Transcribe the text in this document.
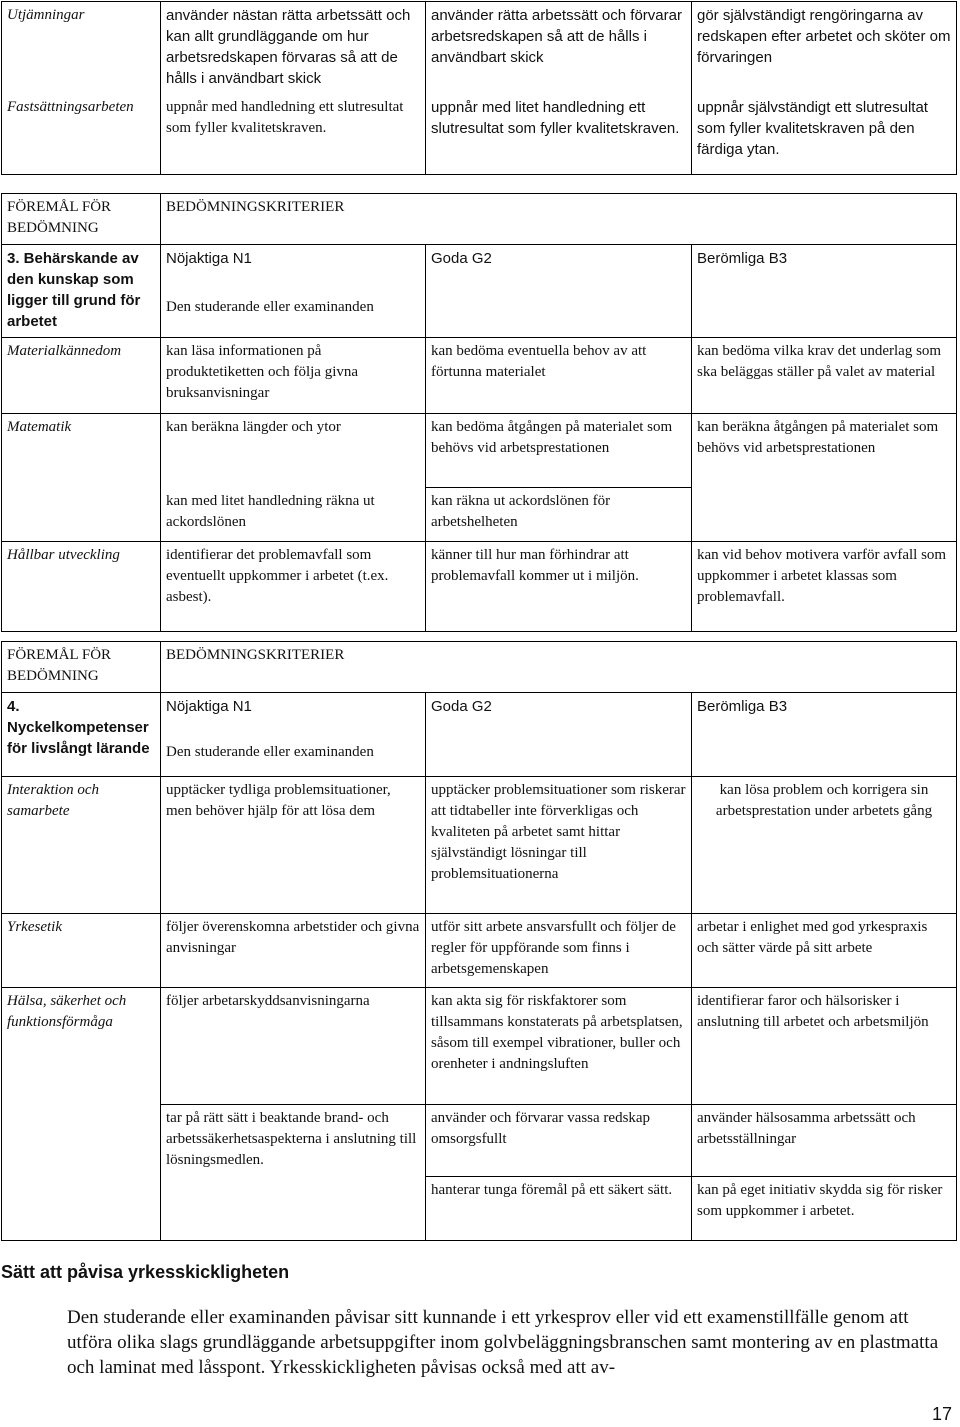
Utjämningar	använder nästan rätta arbetssätt och kan allt grundläggande om hur arbetsredskapen förvaras så att de hålls i användbart skick	använder rätta arbetssätt och förvarar arbetsredskapen så att de hålls i användbart skick	gör självständigt rengöringarna av redskapen efter arbetet och sköter om förvaringen
Fastsättningsarbeten	uppnår med handledning ett slutresultat som fyller kvalitetskraven.	uppnår med litet handledning ett slutresultat som fyller kvalitetskraven.	uppnår självständigt ett slutresultat som fyller kvalitetskraven på den färdiga ytan.
FÖREMÅL FÖR BEDÖMNING	BEDÖMNINGSKRITERIER		
3. Behärskande av den kunskap som ligger till grund för arbetet	Nöjaktiga N1	Goda G2	Berömliga B3
	Den studerande eller examinanden		
Materialkännedom	kan läsa informationen på produktetiketten och följa givna bruksanvisningar	kan bedöma eventuella behov av att förtunna materialet	kan bedöma vilka krav det underlag som ska beläggas ställer på valet av material
Matematik	kan beräkna längder och ytor	kan bedöma åtgången på materialet som behövs vid arbetsprestationen	kan beräkna åtgången på materialet som behövs vid arbetsprestationen
	kan med litet handledning räkna ut ackordslönen	kan räkna ut ackordslönen för arbetshelheten	
Hållbar utveckling	identifierar det problemavfall som eventuellt uppkommer i arbetet (t.ex. asbest).	känner till hur man förhindrar att problemavfall kommer ut i miljön.	kan vid behov motivera varför avfall som uppkommer i arbetet klassas som problemavfall.
FÖREMÅL FÖR BEDÖMNING	BEDÖMNINGSKRITERIER		
4. Nyckelkompetenser för livslångt lärande	Nöjaktiga N1	Goda G2	Berömliga B3
	Den studerande eller examinanden		
Interaktion och samarbete	upptäcker tydliga problemsituationer, men behöver hjälp för att lösa dem	upptäcker problemsituationer som riskerar att tidtabeller inte förverkligas och kvaliteten på arbetet samt hittar självständigt lösningar till problemsituationerna	kan lösa problem och korrigera sin arbetsprestation under arbetets gång
Yrkesetik	följer överenskomna arbetstider och givna anvisningar	utför sitt arbete ansvarsfullt och följer de regler för uppförande som finns i arbetsgemenskapen	arbetar i enlighet med god yrkespraxis och sätter värde på sitt arbete
Hälsa, säkerhet och funktionsförmåga	följer arbetarskyddsanvisningarna	kan akta sig för riskfaktorer som tillsammans konstaterats på arbetsplatsen, såsom till exempel vibrationer, buller och orenheter i andningsluften	identifierar faror och hälsorisker i anslutning till arbetet och arbetsmiljön
	tar på rätt sätt i beaktande brand- och arbetssäkerhetsaspekterna i anslutning till lösningsmedlen.	använder och förvarar vassa redskap omsorgsfullt	använder hälsosamma arbetssätt och arbetsställningar
		hanterar tunga föremål på ett säkert sätt.	kan på eget initiativ skydda sig för risker som uppkommer i arbetet.
Sätt att påvisa yrkesskickligheten
Den studerande eller examinanden påvisar sitt kunnande i ett yrkesprov eller vid ett examenstillfälle genom att utföra olika slags grundläggande arbetsuppgifter inom golvbeläggningsbranschen samt montering av en plastmatta och laminat med låsspont. Yrkesskickligheten påvisas också med att av-
17
